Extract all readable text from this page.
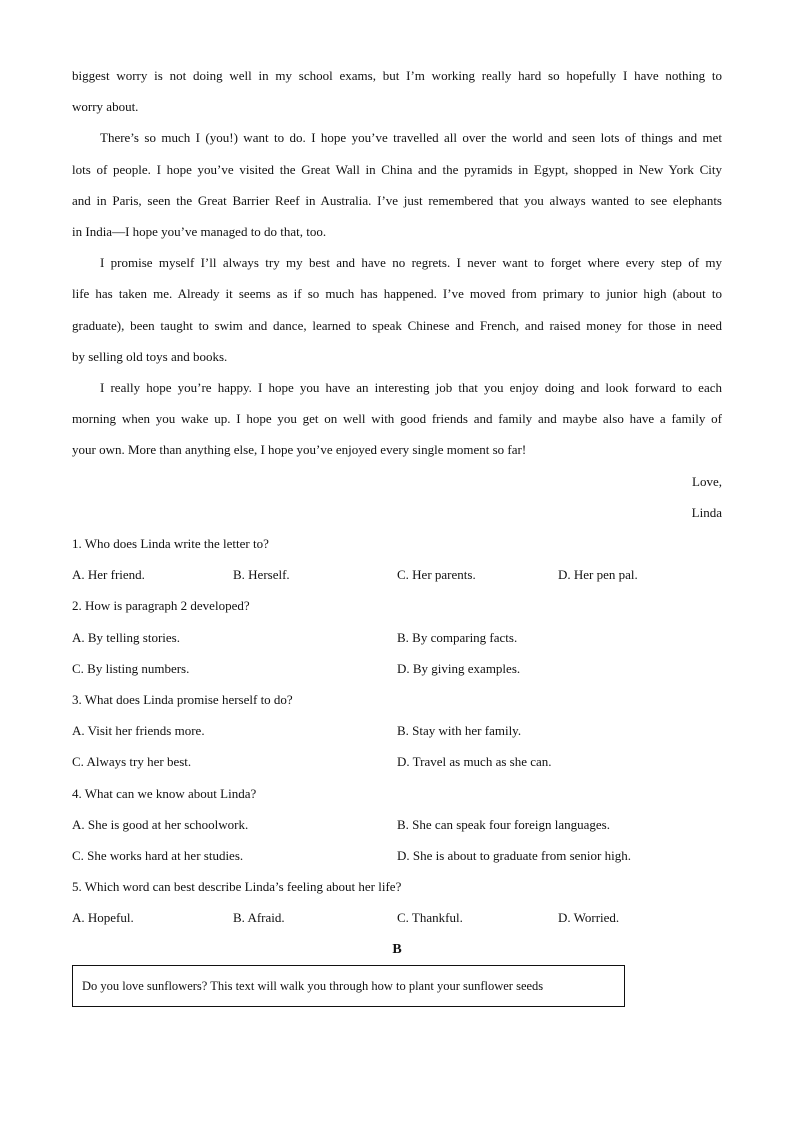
biggest worry is not doing well in my school exams, but I’m working really hard so hopefully I have nothing to
worry about.
There’s so much I (you!) want to do. I hope you’ve travelled all over the world and seen lots of things and met
lots of people. I hope you’ve visited the Great Wall in China and the pyramids in Egypt, shopped in New York City
and in Paris, seen the Great Barrier Reef in Australia. I’ve just remembered that you always wanted to see elephants
in India—I hope you’ve managed to do that, too.
I promise myself I’ll always try my best and have no regrets. I never want to forget where every step of my
life has taken me. Already it seems as if so much has happened. I’ve moved from primary to junior high (about to
graduate), been taught to swim and dance, learned to speak Chinese and French, and raised money for those in need
by selling old toys and books.
I really hope you’re happy. I hope you have an interesting job that you enjoy doing and look forward to each
morning when you wake up. I hope you get on well with good friends and family and maybe also have a family of
your own. More than anything else, I hope you’ve enjoyed every single moment so far!
Love,
Linda
1. Who does Linda write the letter to?
A. Her friend.	B. Herself.	C. Her parents.	D. Her pen pal.
2. How is paragraph 2 developed?
A. By telling stories.	B. By comparing facts.
C. By listing numbers.	D. By giving examples.
3. What does Linda promise herself to do?
A. Visit her friends more.	B. Stay with her family.
C. Always try her best.	D. Travel as much as she can.
4. What can we know about Linda?
A. She is good at her schoolwork.	B. She can speak four foreign languages.
C. She works hard at her studies.	D. She is about to graduate from senior high.
5. Which word can best describe Linda’s feeling about her life?
A. Hopeful.	B. Afraid.	C. Thankful.	D. Worried.
B
Do you love sunflowers? This text will walk you through how to plant your sunflower seeds
